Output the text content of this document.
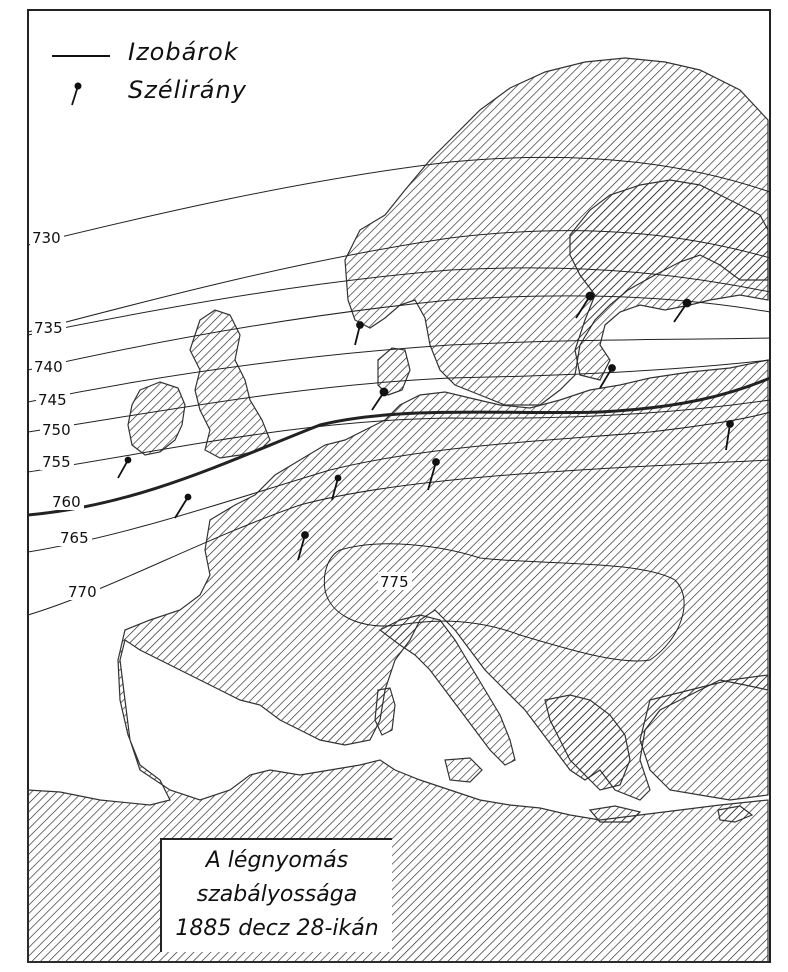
730
735
740
745
750
755
760
765
770
775
Izobárok
Szélirány
A légnyomás
szabályossága
1885 decz 28-ikán
